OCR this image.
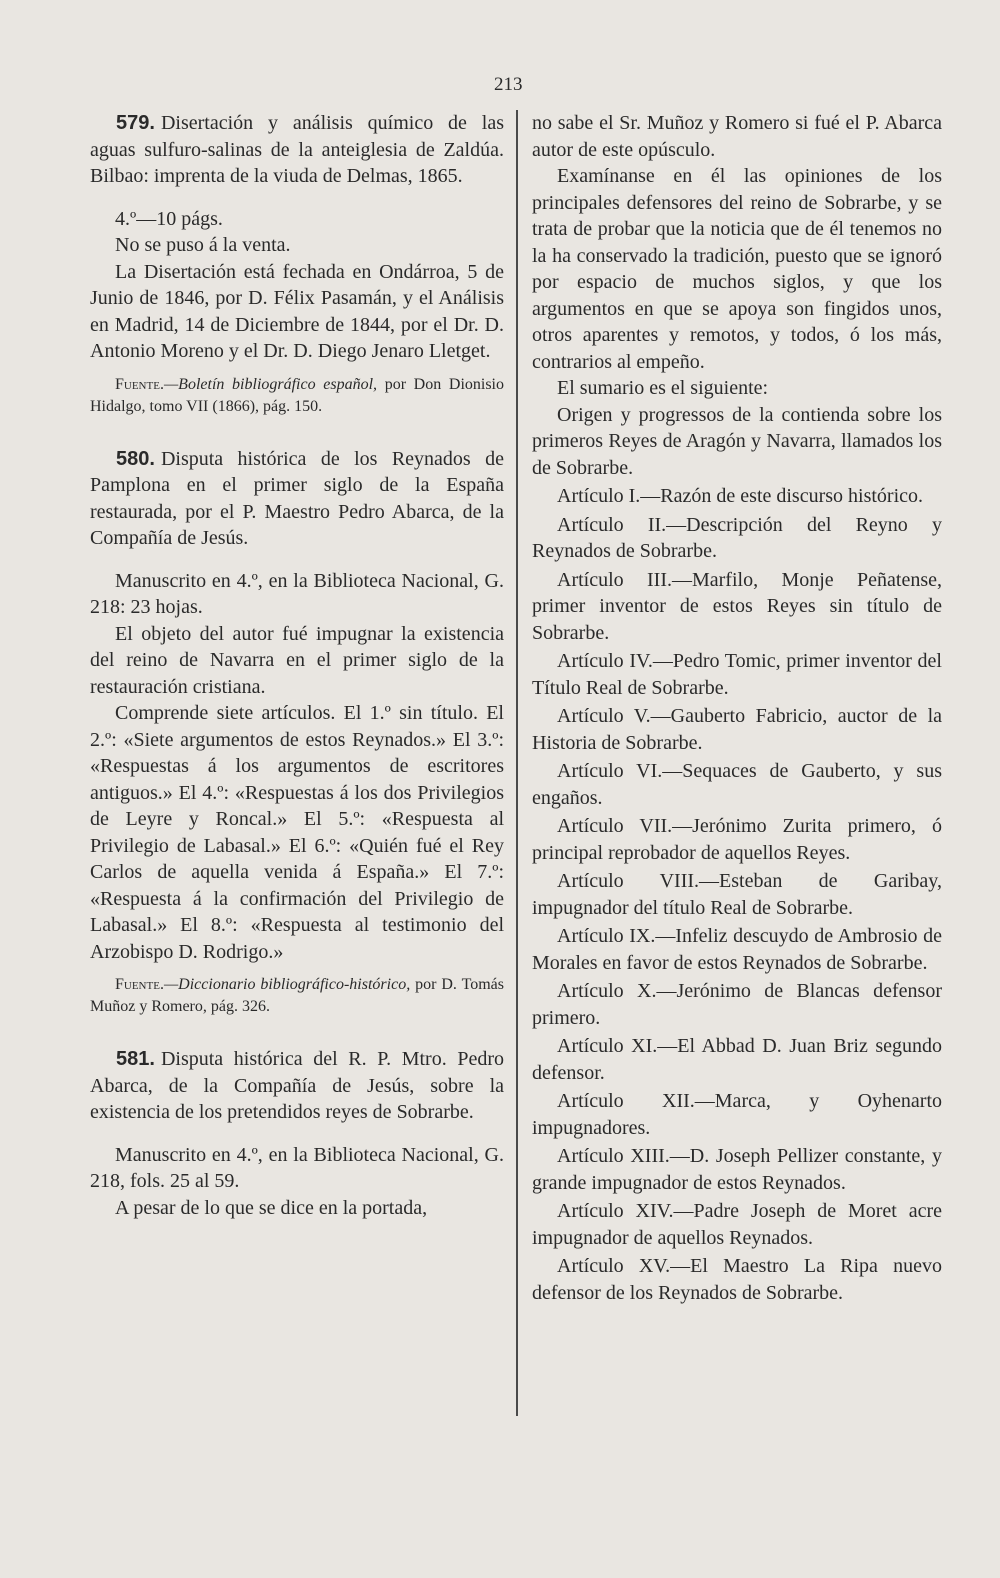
213

579. Disertación y análisis químico de las aguas sulfuro-salinas de la anteiglesia de Zaldúa. Bilbao: imprenta de la viuda de Delmas, 1865.

4.º—10 págs.

No se puso á la venta.

La Disertación está fechada en Ondárroa, 5 de Junio de 1846, por D. Félix Pasamán, y el Análisis en Madrid, 14 de Diciembre de 1844, por el Dr. D. Antonio Moreno y el Dr. D. Diego Jenaro Lletget.

Fuente.—Boletín bibliográfico español, por Don Dionisio Hidalgo, tomo VII (1866), pág. 150.

580. Disputa histórica de los Reynados de Pamplona en el primer siglo de la España restaurada, por el P. Maestro Pedro Abarca, de la Compañía de Jesús.

Manuscrito en 4.º, en la Biblioteca Nacional, G. 218: 23 hojas.

El objeto del autor fué impugnar la existencia del reino de Navarra en el primer siglo de la restauración cristiana.

Comprende siete artículos. El 1.º sin título. El 2.º: «Siete argumentos de estos Reynados.» El 3.º: «Respuestas á los argumentos de escritores antiguos.» El 4.º: «Respuestas á los dos Privilegios de Leyre y Roncal.» El 5.º: «Respuesta al Privilegio de Labasal.» El 6.º: «Quién fué el Rey Carlos de aquella venida á España.» El 7.º: «Respuesta á la confirmación del Privilegio de Labasal.» El 8.º: «Respuesta al testimonio del Arzobispo D. Rodrigo.»

Fuente.—Diccionario bibliográfico-histórico, por D. Tomás Muñoz y Romero, pág. 326.

581. Disputa histórica del R. P. Mtro. Pedro Abarca, de la Compañía de Jesús, sobre la existencia de los pretendidos reyes de Sobrarbe.

Manuscrito en 4.º, en la Biblioteca Nacional, G. 218, fols. 25 al 59.

A pesar de lo que se dice en la portada,

no sabe el Sr. Muñoz y Romero si fué el P. Abarca autor de este opúsculo.

Examínanse en él las opiniones de los principales defensores del reino de Sobrarbe, y se trata de probar que la noticia que de él tenemos no la ha conservado la tradición, puesto que se ignoró por espacio de muchos siglos, y que los argumentos en que se apoya son fingidos unos, otros aparentes y remotos, y todos, ó los más, contrarios al empeño.

El sumario es el siguiente:

Origen y progressos de la contienda sobre los primeros Reyes de Aragón y Navarra, llamados los de Sobrarbe.

Artículo I.—Razón de este discurso histórico.

Artículo II.—Descripción del Reyno y Reynados de Sobrarbe.

Artículo III.—Marfilo, Monje Peñatense, primer inventor de estos Reyes sin título de Sobrarbe.

Artículo IV.—Pedro Tomic, primer inventor del Título Real de Sobrarbe.

Artículo V.—Gauberto Fabricio, auctor de la Historia de Sobrarbe.

Artículo VI.—Sequaces de Gauberto, y sus engaños.

Artículo VII.—Jerónimo Zurita primero, ó principal reprobador de aquellos Reyes.

Artículo VIII.—Esteban de Garibay, impugnador del título Real de Sobrarbe.

Artículo IX.—Infeliz descuydo de Ambrosio de Morales en favor de estos Reynados de Sobrarbe.

Artículo X.—Jerónimo de Blancas defensor primero.

Artículo XI.—El Abbad D. Juan Briz segundo defensor.

Artículo XII.—Marca, y Oyhenarto impugnadores.

Artículo XIII.—D. Joseph Pellizer constante, y grande impugnador de estos Reynados.

Artículo XIV.—Padre Joseph de Moret acre impugnador de aquellos Reynados.

Artículo XV.—El Maestro La Ripa nuevo defensor de los Reynados de Sobrarbe.
